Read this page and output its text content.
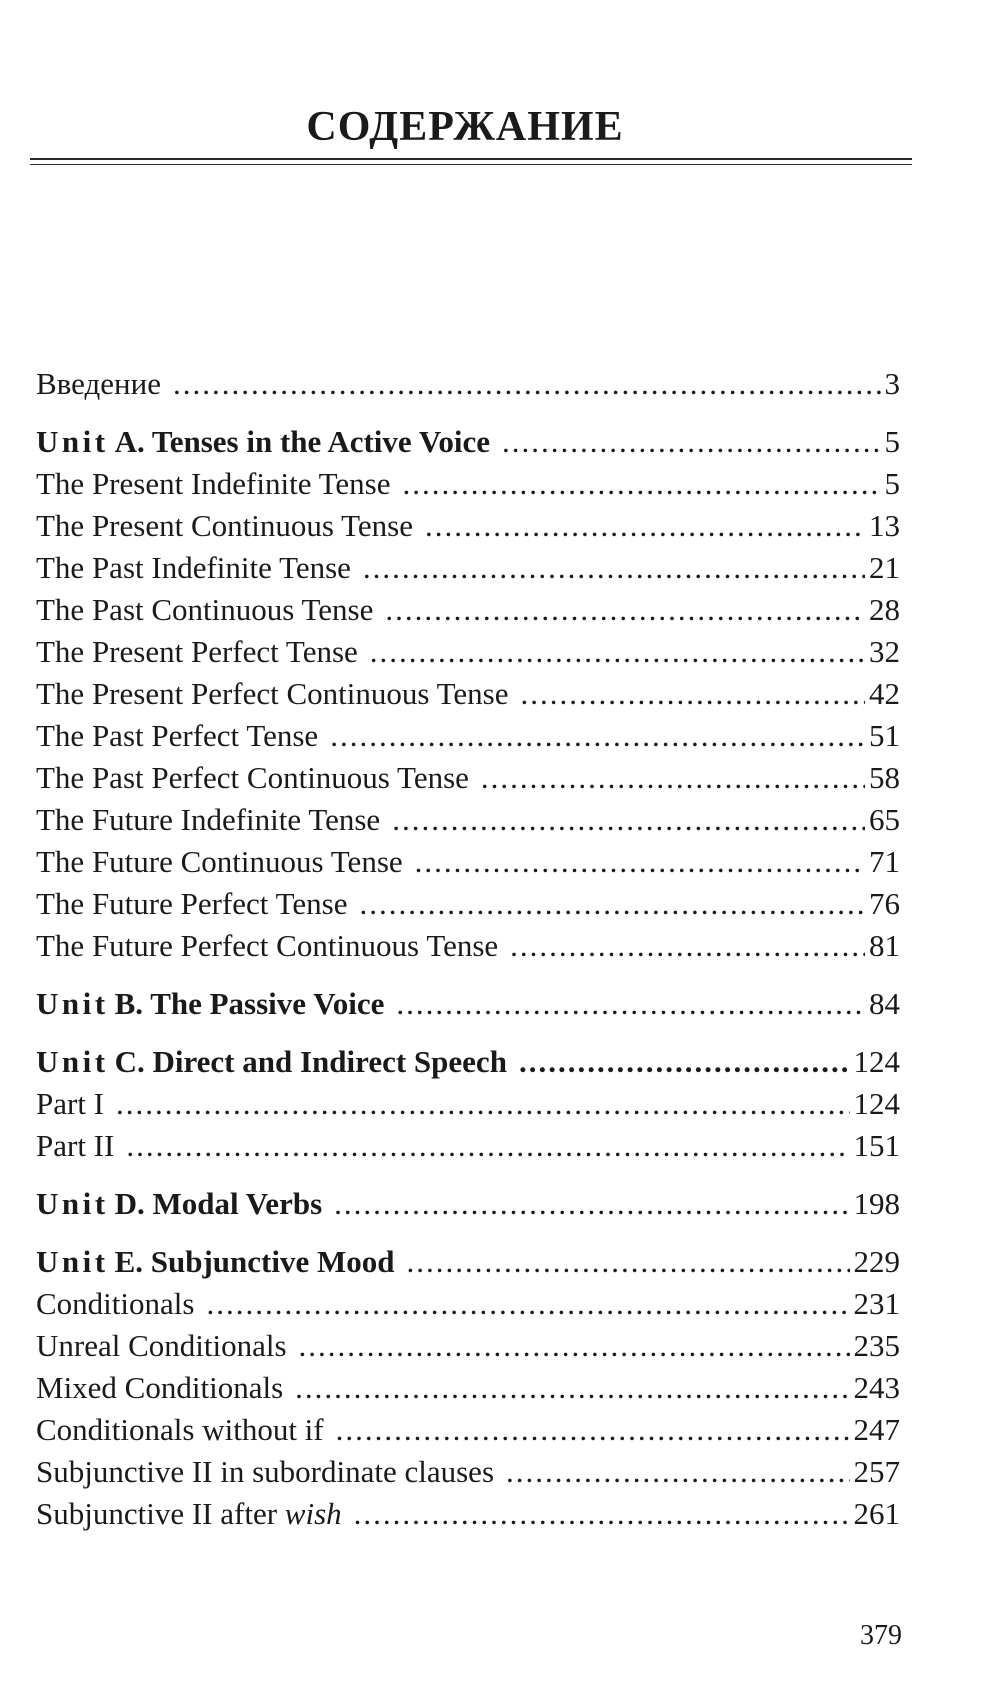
СОДЕРЖАНИЕ
Введение .....	3
Unit A. Tenses in the Active Voice .....	5
The Present Indefinite Tense .....	5
The Present Continuous Tense .....	13
The Past Indefinite Tense .....	21
The Past Continuous Tense .....	28
The Present Perfect Tense .....	32
The Present Perfect Continuous Tense .....	42
The Past Perfect Tense .....	51
The Past Perfect Continuous Tense .....	58
The Future Indefinite Tense .....	65
The Future Continuous Tense .....	71
The Future Perfect Tense .....	76
The Future Perfect Continuous Tense .....	81
Unit B. The Passive Voice .....	84
Unit C. Direct and Indirect Speech .....	124
Part I .....	124
Part II .....	151
Unit D. Modal Verbs .....	198
Unit E. Subjunctive Mood .....	229
Conditionals .....	231
Unreal Conditionals .....	235
Mixed Conditionals .....	243
Conditionals without if .....	247
Subjunctive II in subordinate clauses .....	257
Subjunctive II after wish .....	261
379
